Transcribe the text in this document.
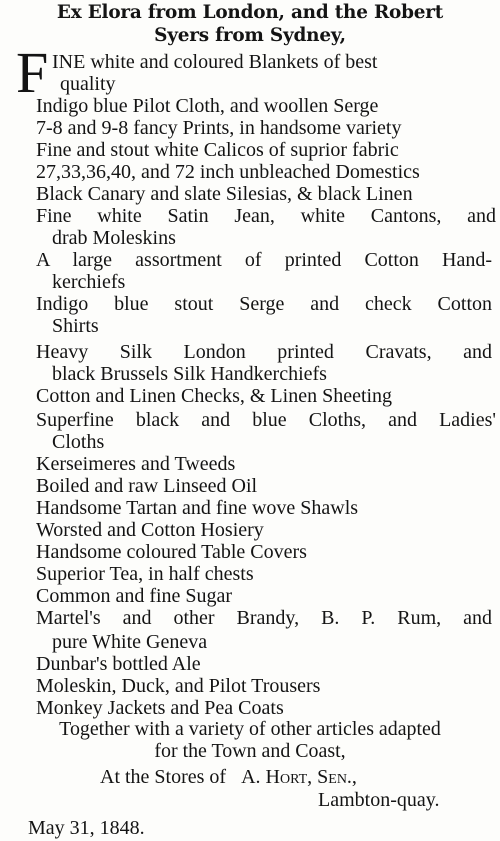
Ex Elora from London, and the Robert
Syers from Sydney,
F INE white and coloured Blankets of best
quality
Indigo blue Pilot Cloth, and woollen Serge
7-8 and 9-8 fancy Prints, in handsome variety
Fine and stout white Calicos of suprior fabric
27,33,36,40, and 72 inch unbleached Domestics
Black Canary and slate Silesias, & black Linen
Fine white Satin Jean, white Cantons, and
drab Moleskins
A large assortment of printed Cotton Hand-
kerchiefs
Indigo blue stout Serge and check Cotton
Shirts
Heavy Silk London printed Cravats, and
black Brussels Silk Handkerchiefs
Cotton and Linen Checks, & Linen Sheeting
Superfine black and blue Cloths, and Ladies'
Cloths
Kerseimeres and Tweeds
Boiled and raw Linseed Oil
Handsome Tartan and fine wove Shawls
Worsted and Cotton Hosiery
Handsome coloured Table Covers
Superior Tea, in half chests
Common and fine Sugar
Martel's and other Brandy, B. P. Rum, and
pure White Geneva
Dunbar's bottled Ale
Moleskin, Duck, and Pilot Trousers
Monkey Jackets and Pea Coats
Together with a variety of other articles adapted
for the Town and Coast,
At the Stores of A. Hort, Sen.,
Lambton-quay.
May 31, 1848.
